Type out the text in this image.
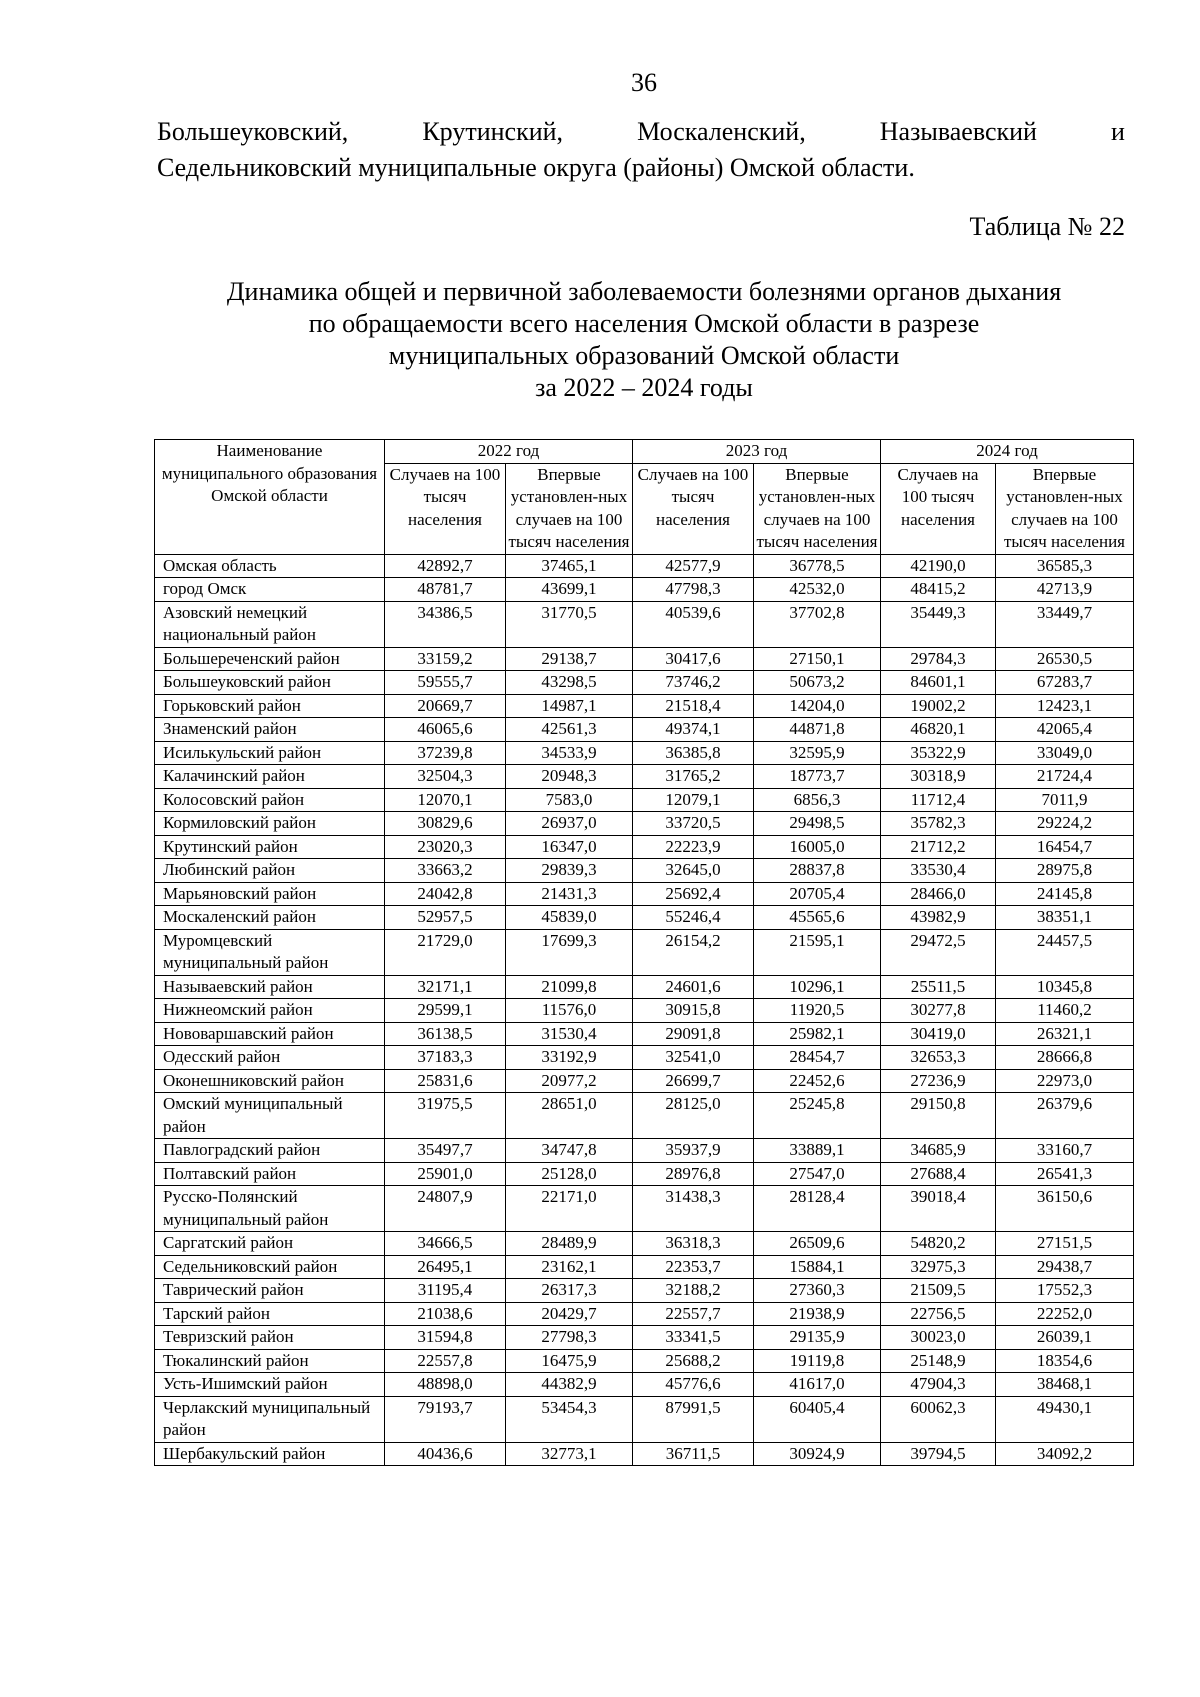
36
Большеуковский,	Крутинский,	Москаленский,	Называевский	и
Седельниковский муниципальные округа (районы) Омской области.
Таблица № 22
Динамика общей и первичной заболеваемости болезнями органов дыхания
по обращаемости всего населения Омской области в разрезе
муниципальных образований Омской области
за 2022 – 2024 годы
Наименование муниципального образования Омской области	2022 год		2023 год		2024 год	
	Случаев на 100 тысяч населения	Впервые установлен-ных случаев на 100 тысяч населения	Случаев на 100 тысяч населения	Впервые установлен-ных случаев на 100 тысяч населения	Случаев на 100 тысяч населения	Впервые установлен-ных случаев на 100 тысяч населения
Омская область	42892,7	37465,1	42577,9	36778,5	42190,0	36585,3
город Омск	48781,7	43699,1	47798,3	42532,0	48415,2	42713,9
Азовский немецкий национальный район	34386,5	31770,5	40539,6	37702,8	35449,3	33449,7
Большереченский район	33159,2	29138,7	30417,6	27150,1	29784,3	26530,5
Большеуковский район	59555,7	43298,5	73746,2	50673,2	84601,1	67283,7
Горьковский район	20669,7	14987,1	21518,4	14204,0	19002,2	12423,1
Знаменский район	46065,6	42561,3	49374,1	44871,8	46820,1	42065,4
Исилькульский район	37239,8	34533,9	36385,8	32595,9	35322,9	33049,0
Калачинский район	32504,3	20948,3	31765,2	18773,7	30318,9	21724,4
Колосовский район	12070,1	7583,0	12079,1	6856,3	11712,4	7011,9
Кормиловский район	30829,6	26937,0	33720,5	29498,5	35782,3	29224,2
Крутинский район	23020,3	16347,0	22223,9	16005,0	21712,2	16454,7
Любинский район	33663,2	29839,3	32645,0	28837,8	33530,4	28975,8
Марьяновский район	24042,8	21431,3	25692,4	20705,4	28466,0	24145,8
Москаленский район	52957,5	45839,0	55246,4	45565,6	43982,9	38351,1
Муромцевский муниципальный район	21729,0	17699,3	26154,2	21595,1	29472,5	24457,5
Называевский район	32171,1	21099,8	24601,6	10296,1	25511,5	10345,8
Нижнеомский район	29599,1	11576,0	30915,8	11920,5	30277,8	11460,2
Нововаршавский район	36138,5	31530,4	29091,8	25982,1	30419,0	26321,1
Одесский район	37183,3	33192,9	32541,0	28454,7	32653,3	28666,8
Оконешниковский район	25831,6	20977,2	26699,7	22452,6	27236,9	22973,0
Омский муниципальный район	31975,5	28651,0	28125,0	25245,8	29150,8	26379,6
Павлоградский район	35497,7	34747,8	35937,9	33889,1	34685,9	33160,7
Полтавский район	25901,0	25128,0	28976,8	27547,0	27688,4	26541,3
Русско-Полянский муниципальный район	24807,9	22171,0	31438,3	28128,4	39018,4	36150,6
Саргатский район	34666,5	28489,9	36318,3	26509,6	54820,2	27151,5
Седельниковский район	26495,1	23162,1	22353,7	15884,1	32975,3	29438,7
Таврический район	31195,4	26317,3	32188,2	27360,3	21509,5	17552,3
Тарский район	21038,6	20429,7	22557,7	21938,9	22756,5	22252,0
Тевризский район	31594,8	27798,3	33341,5	29135,9	30023,0	26039,1
Тюкалинский район	22557,8	16475,9	25688,2	19119,8	25148,9	18354,6
Усть-Ишимский район	48898,0	44382,9	45776,6	41617,0	47904,3	38468,1
Черлакский муниципальный район	79193,7	53454,3	87991,5	60405,4	60062,3	49430,1
Шербакульский район	40436,6	32773,1	36711,5	30924,9	39794,5	34092,2
